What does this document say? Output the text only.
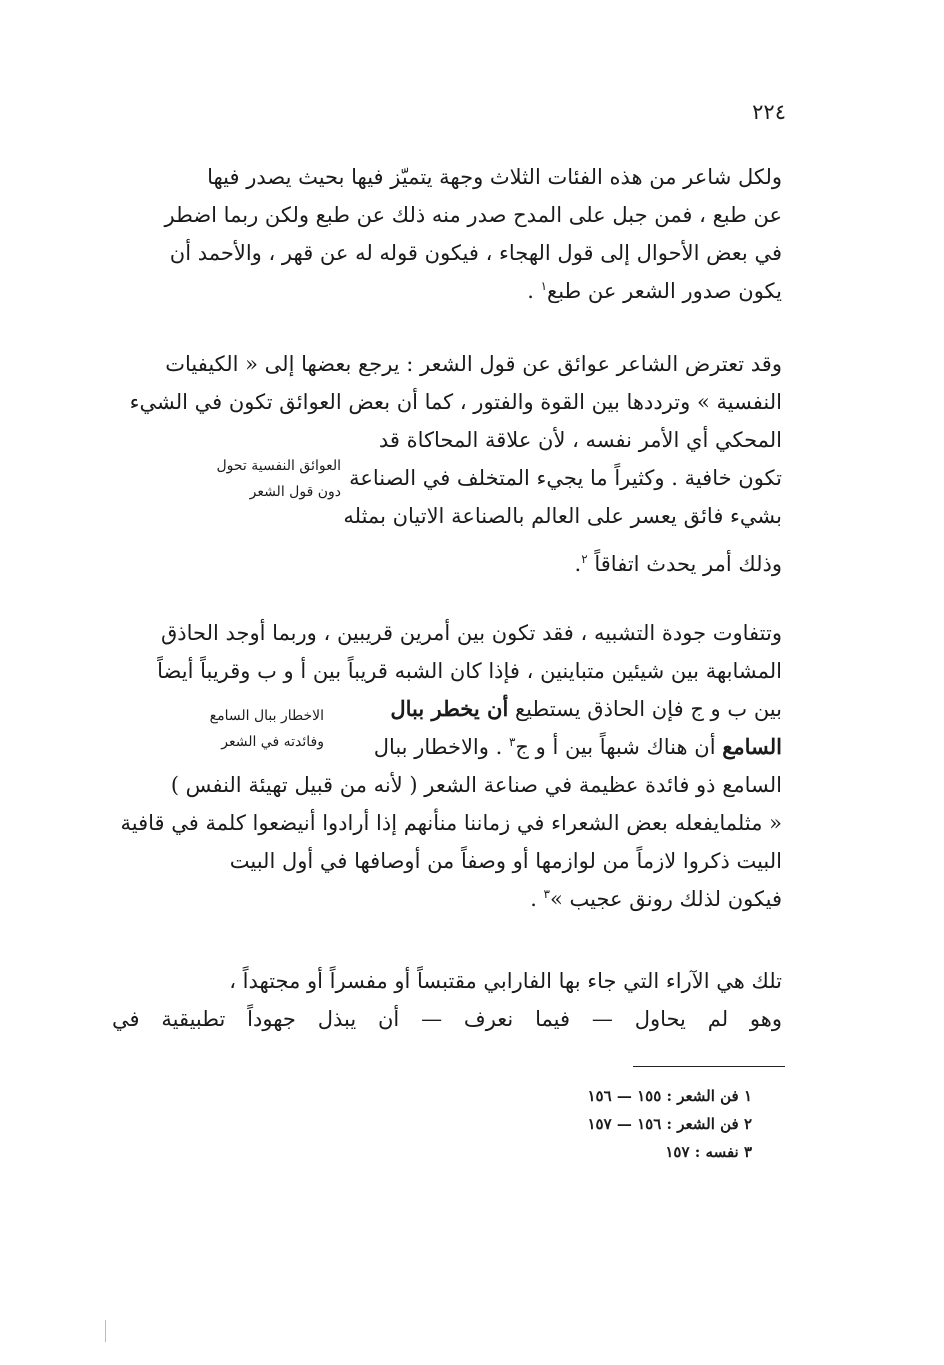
٢٢٤
ولكل شاعر من هذه الفئات الثلاث وجهة يتميّز فيها بحيث يصدر فيها
عن طبع ، فمن جبل على المدح صدر منه ذلك عن طبع ولكن ربما اضطر
في بعض الأحوال إلى قول الهجاء ، فيكون قوله له عن قهر ، والأحمد أن
يكون صدور الشعر عن طبع$^١$ .
وقد تعترض الشاعر عوائق عن قول الشعر : يرجع بعضها إلى « الكيفيات
النفسية » وترددها بين القوة والفتور ، كما أن بعض العوائق تكون في الشيء
المحكي أي الأمر نفسه ، لأن علاقة المحاكاة قد
تكون خافية . وكثيراً ما يجيء المتخلف في الصناعة
بشيء فائق يعسر على العالم بالصناعة الاتيان بمثله
العوائق النفسية تحول
دون قول الشعر
وذلك أمر يحدث اتفاقاً $^٢$.
وتتفاوت جودة التشبيه ، فقد تكون بين أمرين قريبين ، وربما أوجد الحاذق
المشابهة بين شيئين متباينين ، فإذا كان الشبه قريباً بين أ و ب وقريباً أيضاً
بين ب و ج فإن الحاذق يستطيع أن يخطر ببال
السامع أن هناك شبهاً بين أ و ج$^٣$ . والاخطار ببال
الاخطار ببال السامع
وفائدته في الشعر
السامع ذو فائدة عظيمة في صناعة الشعر ( لأنه من قبيل تهيئة النفس )
« مثلمايفعله بعض الشعراء في زماننا منأنهم إذا أرادوا أنيضعوا كلمة في قافية
البيت ذكروا لازماً من لوازمها أو وصفاً من أوصافها في أول البيت
فيكون لذلك رونق عجيب »$^٣$ .
تلك هي الآراء التي جاء بها الفارابي مقتبساً أو مفسراً أو مجتهداً ،
وهو لم يحاول — فيما نعرف — أن يبذل جهوداً تطبيقية في
١ فن الشعر : ١٥٥ — ١٥٦
٢ فن الشعر : ١٥٦ — ١٥٧
٣ نفسه : ١٥٧
